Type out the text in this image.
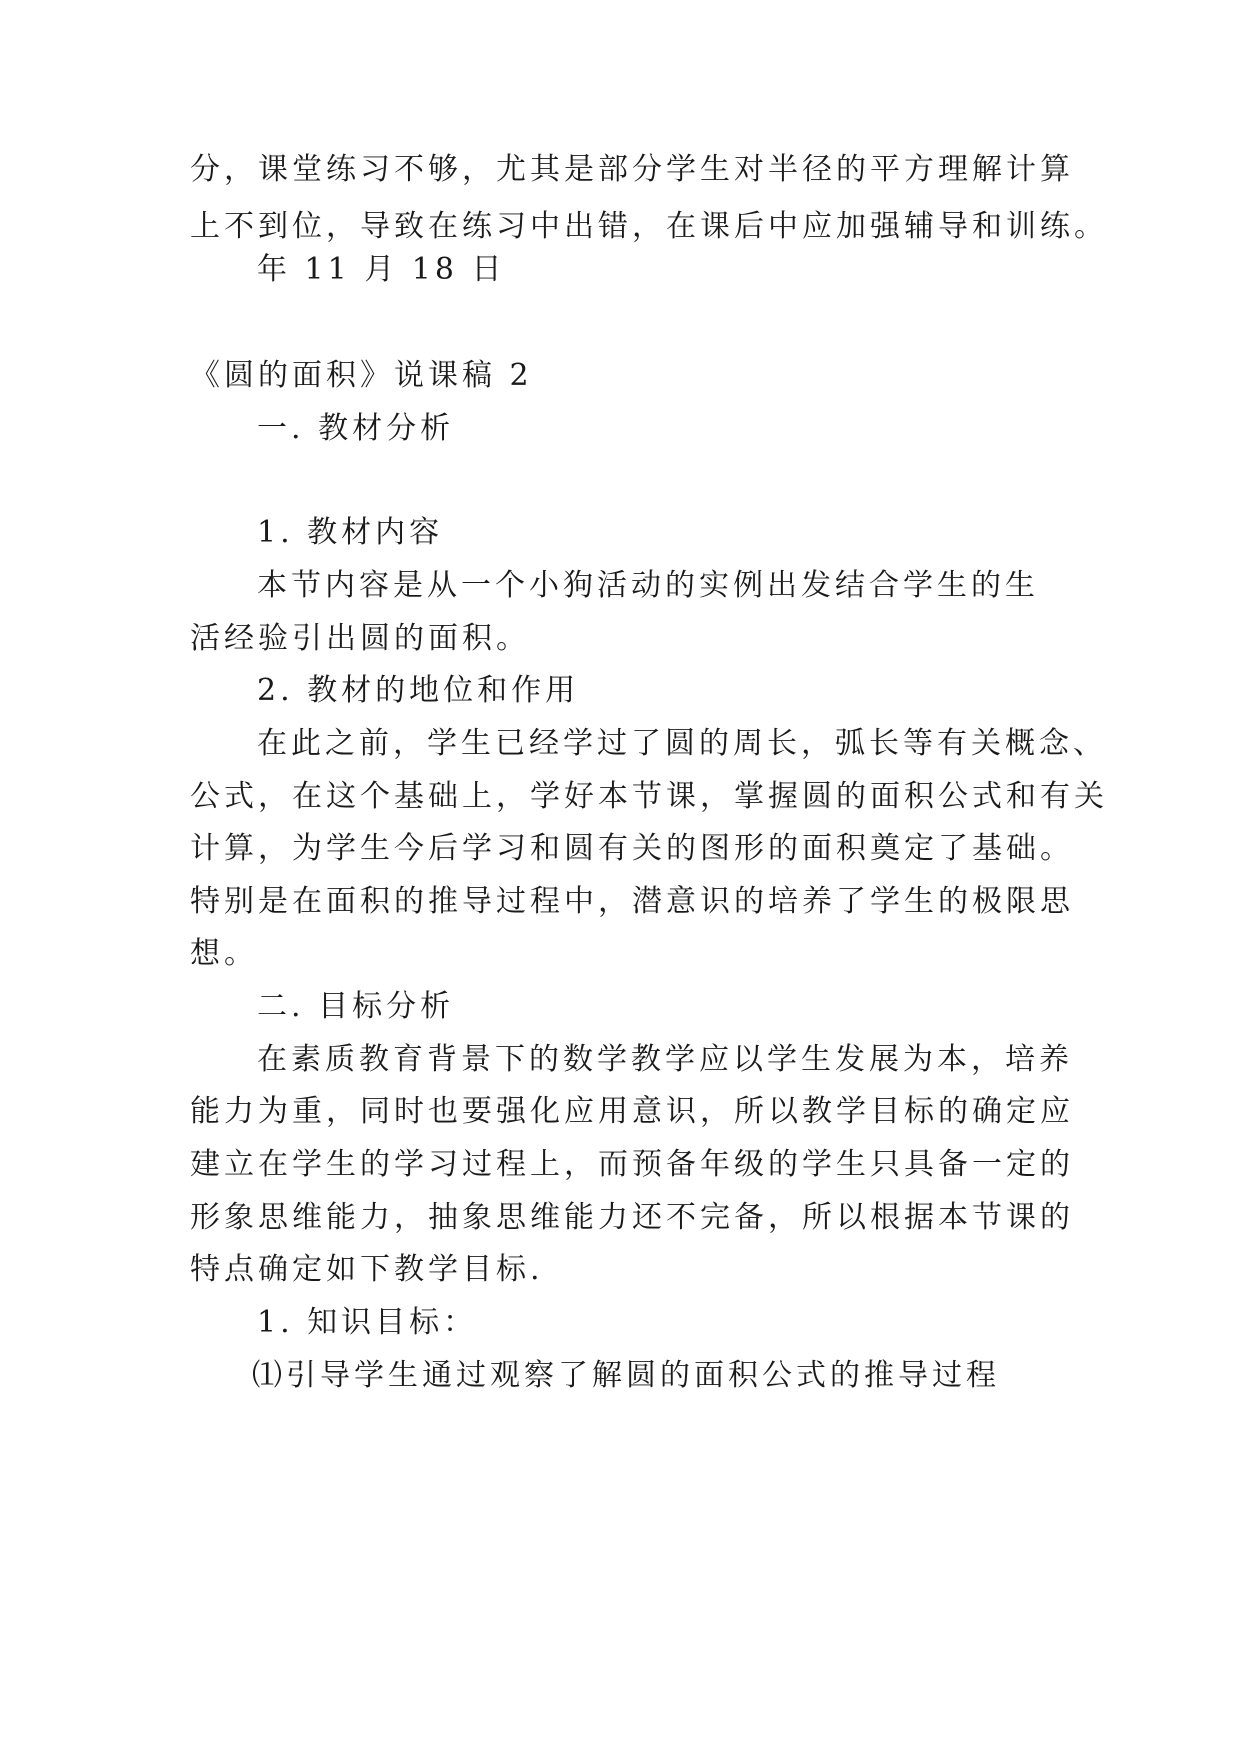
分，课堂练习不够，尤其是部分学生对半径的平方理解计算
上不到位，导致在练习中出错，在课后中应加强辅导和训练。
年 11 月 18 日
《圆的面积》说课稿 2
一. 教材分析
1. 教材内容
本节内容是从一个小狗活动的实例出发结合学生的生
活经验引出圆的面积。
2. 教材的地位和作用
在此之前，学生已经学过了圆的周长，弧长等有关概念、
公式，在这个基础上，学好本节课，掌握圆的面积公式和有关
计算，为学生今后学习和圆有关的图形的面积奠定了基础。
特别是在面积的推导过程中，潜意识的培养了学生的极限思
想。
二. 目标分析
在素质教育背景下的数学教学应以学生发展为本，培养
能力为重，同时也要强化应用意识，所以教学目标的确定应
建立在学生的学习过程上，而预备年级的学生只具备一定的
形象思维能力，抽象思维能力还不完备，所以根据本节课的
特点确定如下教学目标.
1. 知识目标：
⑴引导学生通过观察了解圆的面积公式的推导过程
